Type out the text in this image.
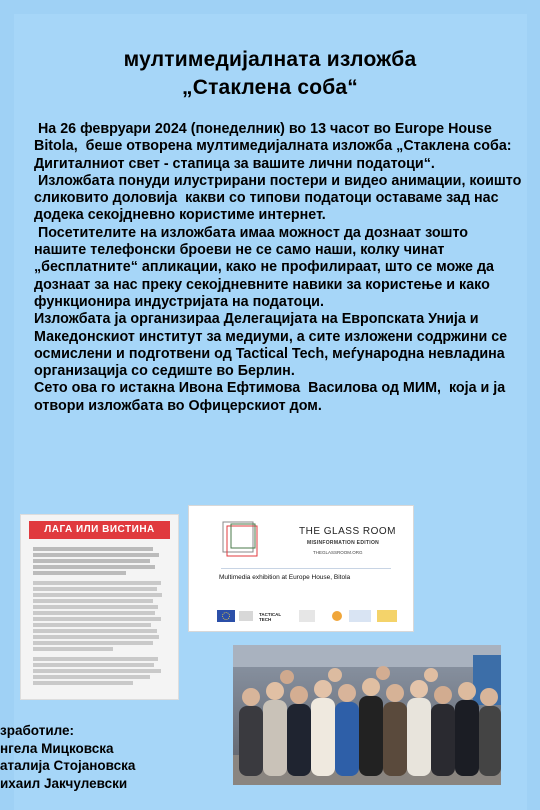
мултимедијалната изложба
„Стаклена соба“

На 26 февруари 2024 (понеделник) во 13 часот во Europe House Bitola,  беше отворена мултимедијалната изложба „Стаклена соба: Дигиталниот свет - стапица за вашите лични податоци“.

Изложбата понуди илустрирани постери и видео анимации, коишто сликовито доловија  какви со типови податоци оставаме зад нас додека секојдневно користиме интернет.

Посетителите на изложбата имаа можност да дознаат зошто нашите телефонски броеви не се само наши, колку чинат „бесплатните“ апликации, како не профилираат, што се може да дознаат за нас преку секојдневните навики за користење и како функционира индустријата на податоци.

Изложбата ја организираа Делегацијата на Европската Унија и Македонскиот институт за медиуми, а сите изложени содржини се осмислени и подготвени од Tactical Tech, меѓународна невладина организација со седиште во Берлин.

Сето ова го истакна Ивона Ефтимова  Василова од МИМ,  која и ја отвори изложбата во Офицерскиот дом.

ЛАГА ИЛИ ВИСТИНА	THE GLASS ROOM
MISINFORMATION EDITION
THEGLASSROOM.ORG
Multimedia exhibition at Europe House, Bitola
TACTICAL
TECH
зработиле:
нгела Мицковска
аталија Стојановска
ихаил Јакчулевски
